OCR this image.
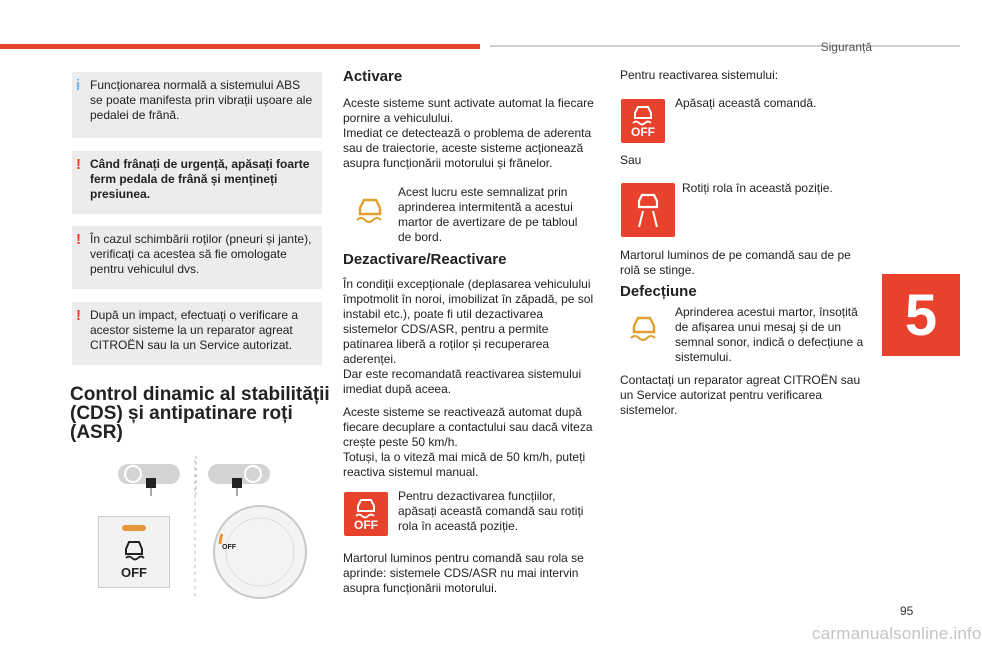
Siguranță
5
95
carmanualsonline.info
i Funcționarea normală a sistemului ABS se poate manifesta prin vibrații ușoare ale pedalei de frână.
! Când frânați de urgență, apăsați foarte ferm pedala de frână și mențineți presiunea.
! În cazul schimbării roților (pneuri și jante), verificați ca acestea să fie omologate pentru vehiculul dvs.
! După un impact, efectuați o verificare a acestor sisteme la un reparator agreat CITROËN sau la un Service autorizat.
Control dinamic al stabilității (CDS) și antipatinare roți (ASR)
OFF
OFF
Activare
Aceste sisteme sunt activate automat la fiecare pornire a vehiculului.
Imediat ce detectează o problema de aderenta sau de traiectorie, aceste sisteme acționează asupra funcționării motorului și frânelor.
Acest lucru este semnalizat prin aprinderea intermitentă a acestui martor de avertizare de pe tabloul de bord.
Dezactivare/Reactivare
În condiții excepționale (deplasarea vehiculului împotmolit în noroi, imobilizat în zăpadă, pe sol instabil etc.), poate fi util dezactivarea sistemelor CDS/ASR, pentru a permite patinarea liberă a roților și recuperarea aderenței.
Dar este recomandată reactivarea sistemului imediat după aceea.
Aceste sisteme se reactivează automat după fiecare decuplare a contactului sau dacă viteza crește peste 50 km/h.
Totuși, la o viteză mai mică de 50 km/h, puteți reactiva sistemul manual.
OFF
Pentru dezactivarea funcțiilor, apăsați această comandă sau rotiți rola în această poziție.
Martorul luminos pentru comandă sau rola se aprinde: sistemele CDS/ASR nu mai intervin asupra funcționării motorului.
Pentru reactivarea sistemului:
OFF
Apăsați această comandă.
Sau
Rotiți rola în această poziție.
Martorul luminos de pe comandă sau de pe rolă se stinge.
Defecțiune
Aprinderea acestui martor, însoțită de afișarea unui mesaj și de un semnal sonor, indică o defecțiune a sistemului.
Contactați un reparator agreat CITROËN sau un Service autorizat pentru verificarea sistemelor.
